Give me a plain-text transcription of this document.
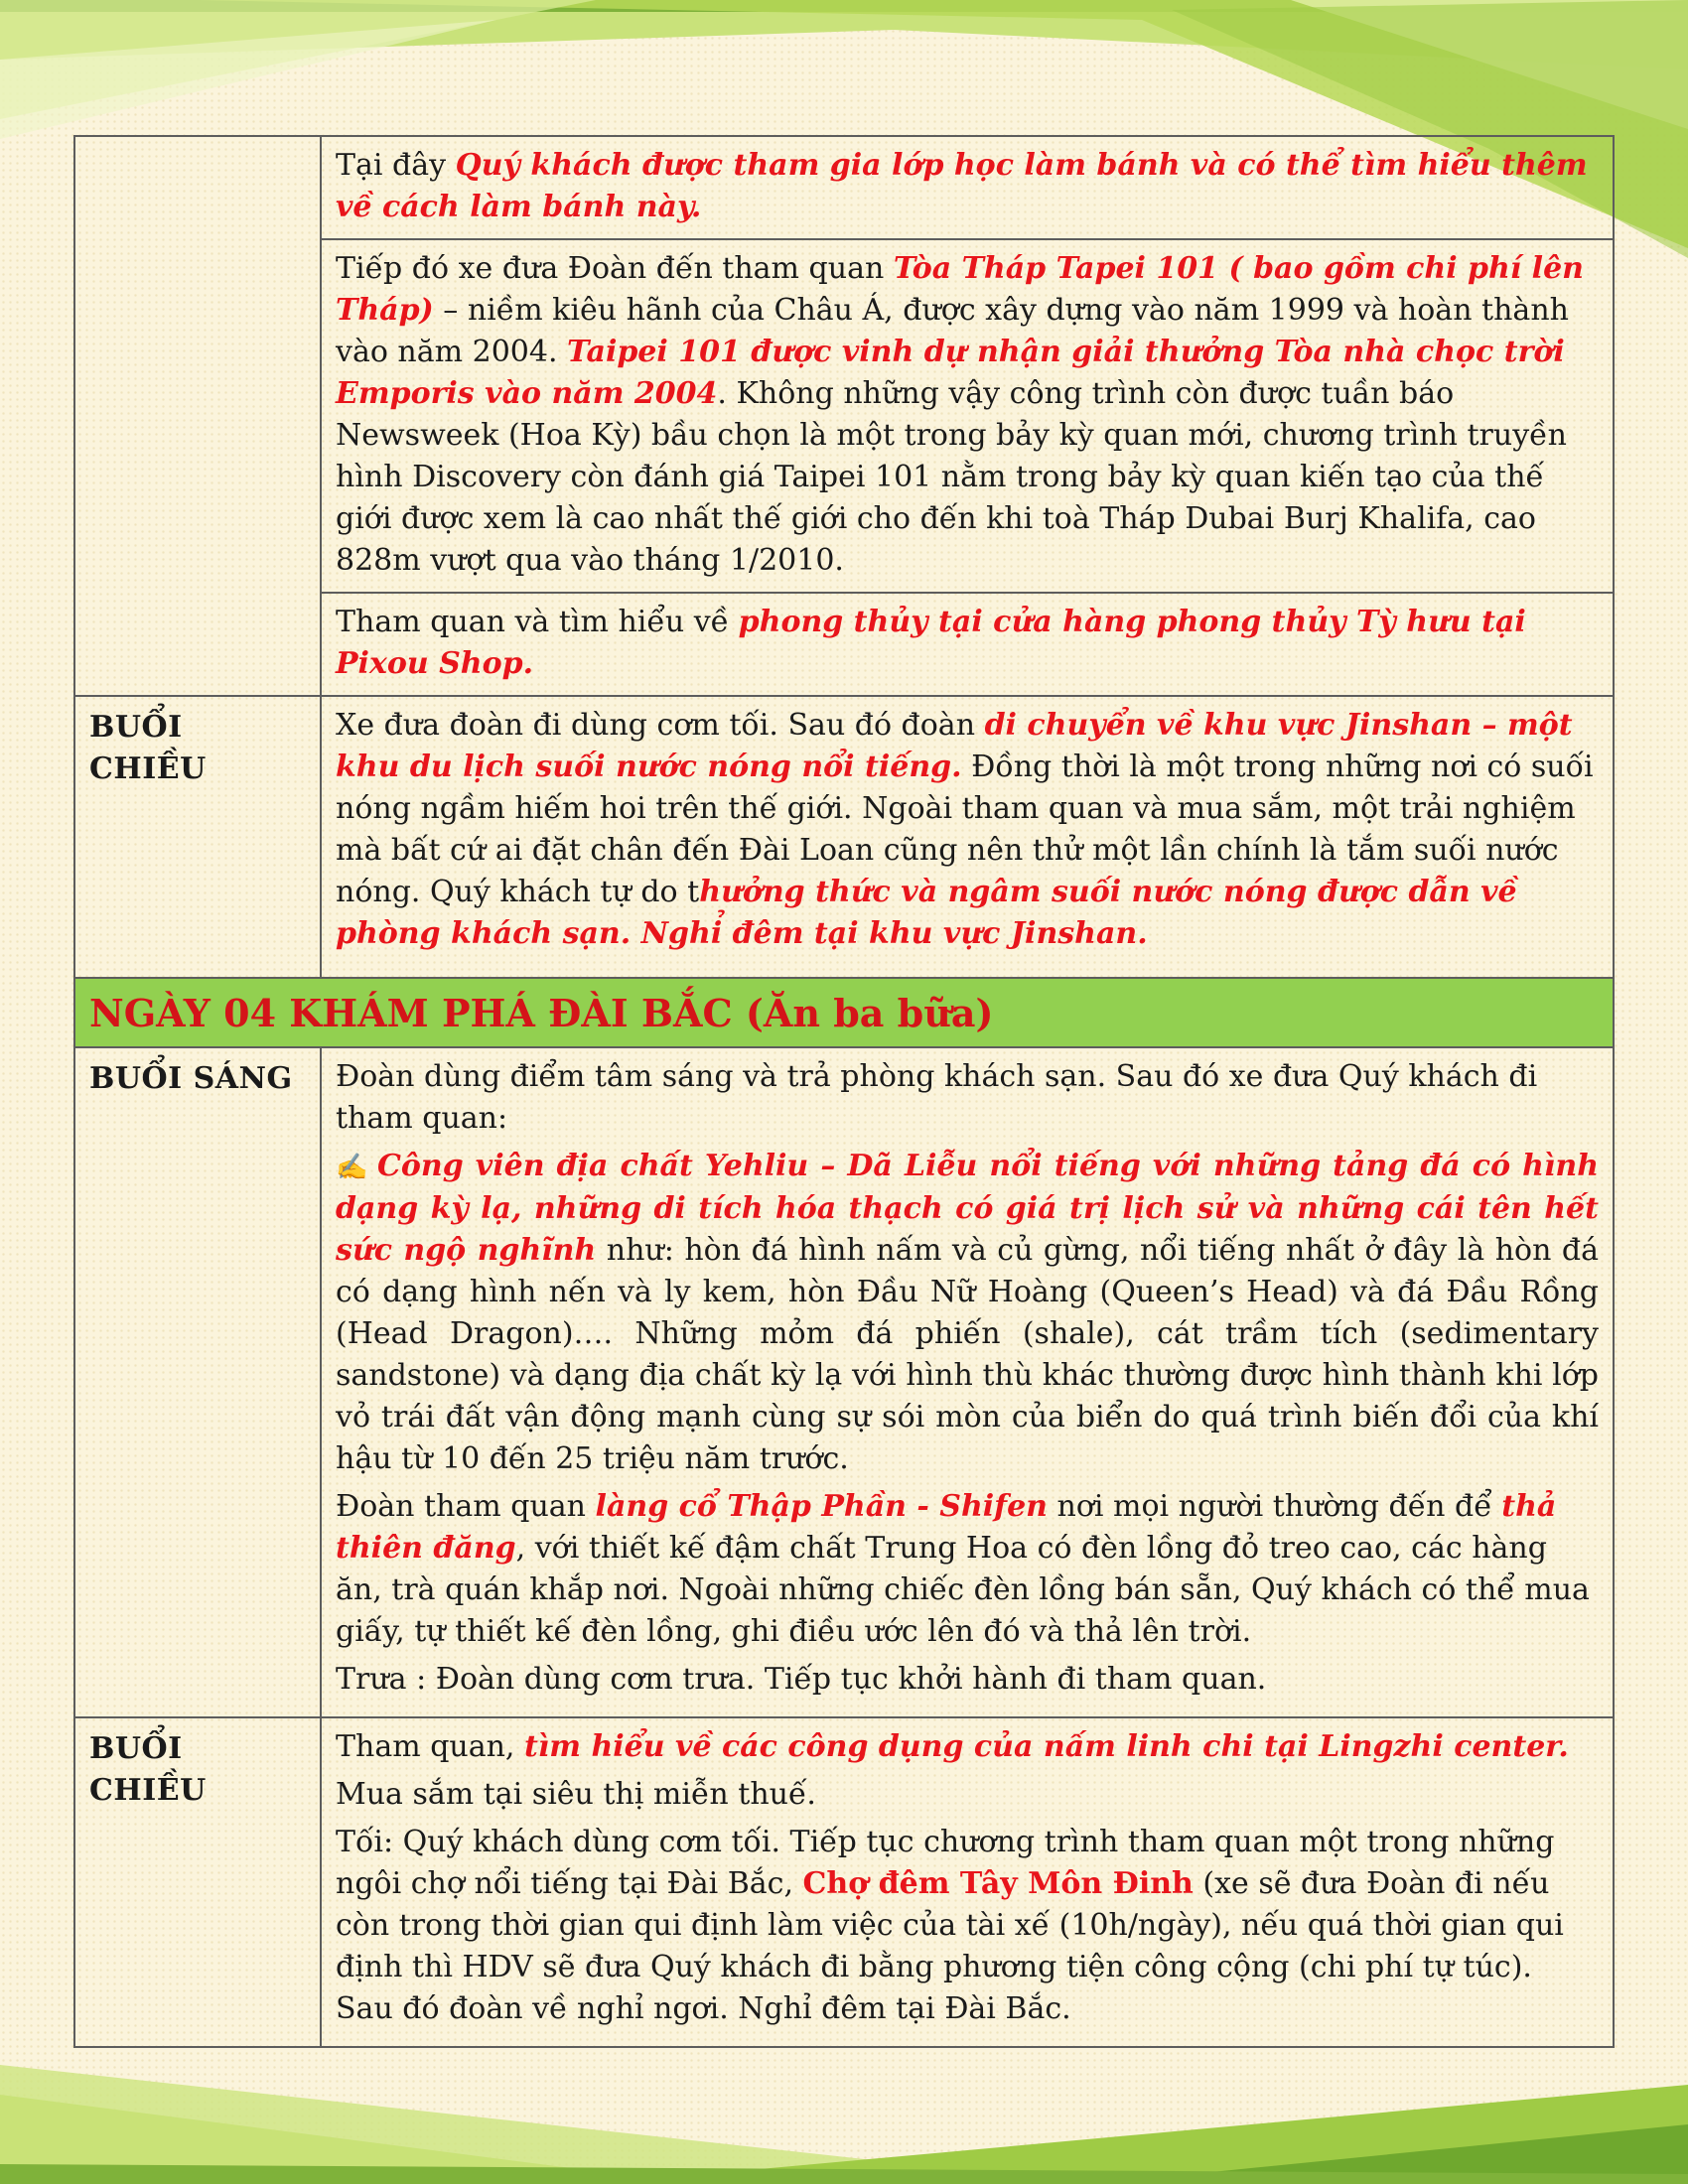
	Tại đây Quý khách được tham gia lớp học làm bánh và có thể tìm hiểu thêm về cách làm bánh này.
Tiếp đó xe đưa Đoàn đến tham quan Tòa Tháp Tapei 101 ( bao gồm chi phí lên Tháp) – niềm kiêu hãnh của Châu Á, được xây dựng vào năm 1999 và hoàn thành vào năm 2004. Taipei 101 được vinh dự nhận giải thưởng Tòa nhà chọc trời Emporis vào năm 2004. Không những vậy công trình còn được tuần báo Newsweek (Hoa Kỳ) bầu chọn là một trong bảy kỳ quan mới, chương trình truyền hình Discovery còn đánh giá Taipei 101 nằm trong bảy kỳ quan kiến tạo của thế giới được xem là cao nhất thế giới cho đến khi toà Tháp Dubai Burj Khalifa, cao 828m vượt qua vào tháng 1/2010.
Tham quan và tìm hiểu về phong thủy tại cửa hàng phong thủy Tỳ hưu tại Pixou Shop.

BUỔI CHIỀU	Xe đưa đoàn đi dùng cơm tối. Sau đó đoàn di chuyển về khu vực Jinshan – một khu du lịch suối nước nóng nổi tiếng. Đồng thời là một trong những nơi có suối nóng ngầm hiếm hoi trên thế giới. Ngoài tham quan và mua sắm, một trải nghiệm mà bất cứ ai đặt chân đến Đài Loan cũng nên thử một lần chính là tắm suối nước nóng. Quý khách tự do thưởng thức và ngâm suối nước nóng được dẫn về phòng khách sạn. Nghỉ đêm tại khu vực Jinshan.

NGÀY 04 KHÁM PHÁ ĐÀI BẮC (Ăn ba bữa)	
BUỔI SÁNG	Đoàn dùng điểm tâm sáng và trả phòng khách sạn. Sau đó xe đưa Quý khách đi tham quan:

✍ Công viên địa chất Yehliu – Dã Liễu nổi tiếng với những tảng đá có hình dạng kỳ lạ, những di tích hóa thạch có giá trị lịch sử và những cái tên hết sức ngộ nghĩnh như: hòn đá hình nấm và củ gừng, nổi tiếng nhất ở đây là hòn đá có dạng hình nến và ly kem, hòn Đầu Nữ Hoàng (Queen’s Head) và đá Đầu Rồng (Head Dragon)…. Những mỏm đá phiến (shale), cát trầm tích (sedimentary sandstone) và dạng địa chất kỳ lạ với hình thù khác thường được hình thành khi lớp vỏ trái đất vận động mạnh cùng sự sói mòn của biển do quá trình biến đổi của khí hậu từ 10 đến 25 triệu năm trước.

Đoàn tham quan làng cổ Thập Phần - Shifen nơi mọi người thường đến để thả thiên đăng, với thiết kế đậm chất Trung Hoa có đèn lồng đỏ treo cao, các hàng ăn, trà quán khắp nơi. Ngoài những chiếc đèn lồng bán sẵn, Quý khách có thể mua giấy, tự thiết kế đèn lồng, ghi điều ước lên đó và thả lên trời.

Trưa : Đoàn dùng cơm trưa. Tiếp tục khởi hành đi tham quan.

BUỔI CHIỀU	Tham quan, tìm hiểu về các công dụng của nấm linh chi tại Lingzhi center.

Mua sắm tại siêu thị miễn thuế.

Tối: Quý khách dùng cơm tối. Tiếp tục chương trình tham quan một trong những ngôi chợ nổi tiếng tại Đài Bắc, Chợ đêm Tây Môn Đinh (xe sẽ đưa Đoàn đi nếu còn trong thời gian qui định làm việc của tài xế (10h/ngày), nếu quá thời gian qui định thì HDV sẽ đưa Quý khách đi bằng phương tiện công cộng (chi phí tự túc). Sau đó đoàn về nghỉ ngơi. Nghỉ đêm tại Đài Bắc.
